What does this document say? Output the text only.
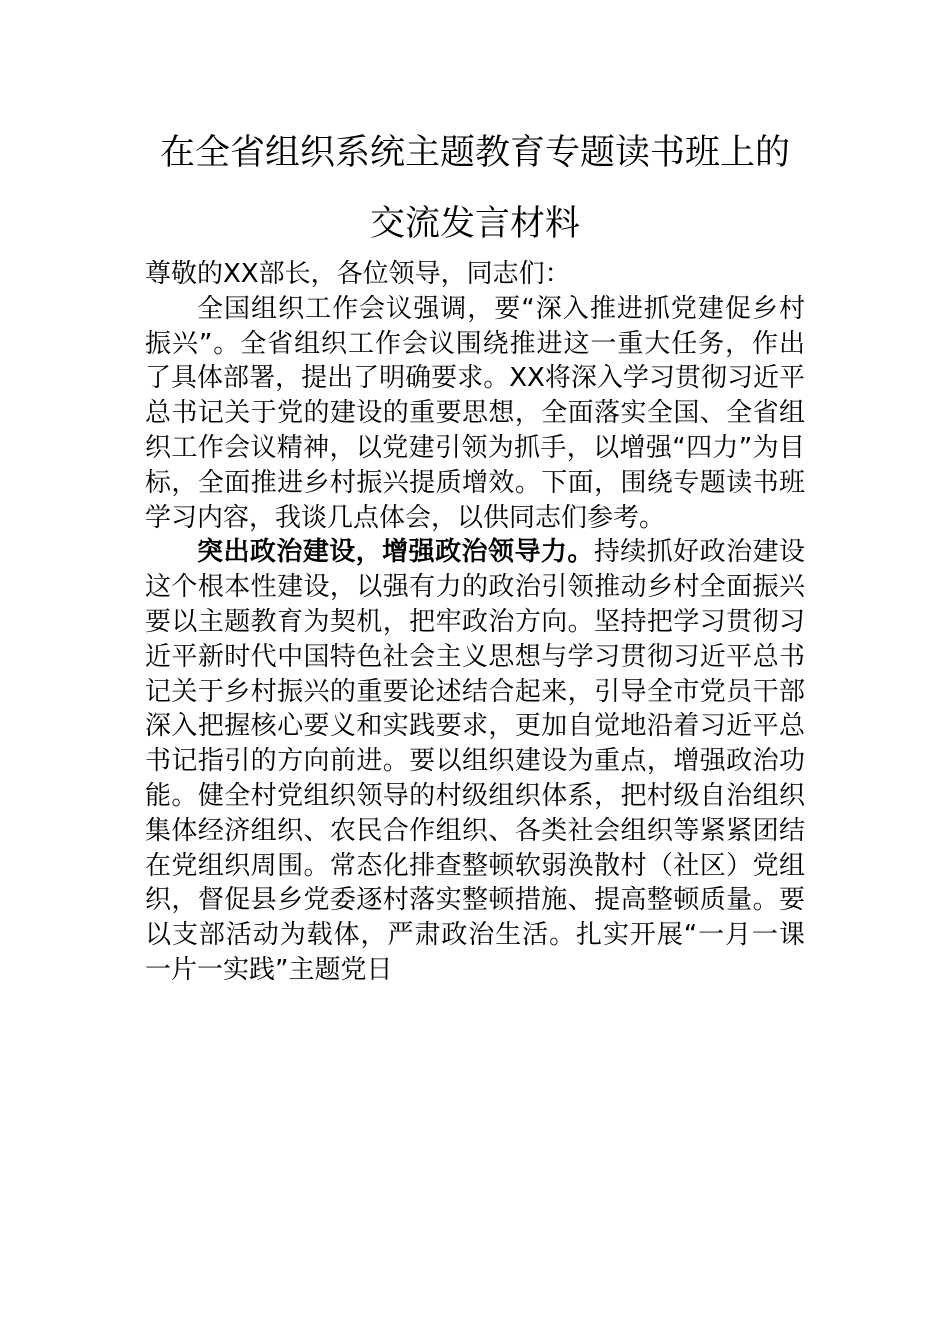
在全省组织系统主题教育专题读书班上的
交流发言材料

尊敬的XX部长，各位领导，同志们：

全国组织工作会议强调，要“深入推进抓党建促乡村振兴”。全省组织工作会议围绕推进这一重大任务，作出了具体部署，提出了明确要求。XX将深入学习贯彻习近平总书记关于党的建设的重要思想，全面落实全国、全省组织工作会议精神，以党建引领为抓手，以增强“四力”为目标，全面推进乡村振兴提质增效。下面，围绕专题读书班学习内容，我谈几点体会，以供同志们参考。

突出政治建设，增强政治领导力。持续抓好政治建设这个根本性建设，以强有力的政治引领推动乡村全面振兴要以主题教育为契机，把牢政治方向。坚持把学习贯彻习近平新时代中国特色社会主义思想与学习贯彻习近平总书记关于乡村振兴的重要论述结合起来，引导全市党员干部深入把握核心要义和实践要求，更加自觉地沿着习近平总书记指引的方向前进。要以组织建设为重点，增强政治功能。健全村党组织领导的村级组织体系，把村级自治组织集体经济组织、农民合作组织、各类社会组织等紧紧团结在党组织周围。常态化排查整顿软弱涣散村（社区）党组织，督促县乡党委逐村落实整顿措施、提高整顿质量。要以支部活动为载体，严肃政治生活。扎实开展“一月一课一片一实践”主题党日
